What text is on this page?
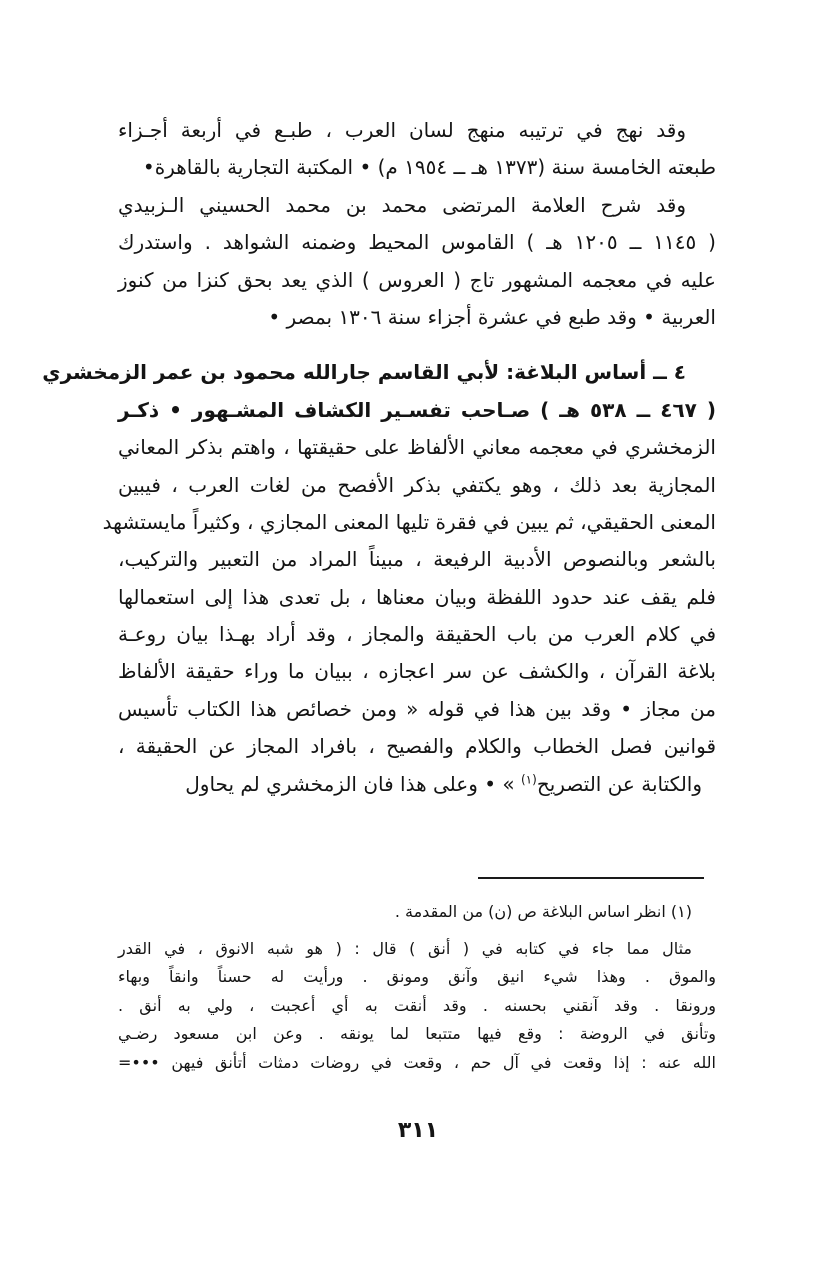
وقد نهج في ترتيبه منهج لسان العرب ، طبـع في أربعة أجـزاء
طبعته الخامسة سنة (١٣٧٣ هـ ــ ١٩٥٤ م) • المكتبة التجارية بالقاهرة•
وقد شرح العلامة المرتضى محمد بن محمد الحسيني الـزبيدي
( ١١٤٥ ــ ١٢٠٥ هـ ) القاموس المحيط وضمنه الشواهد . واستدرك
عليه في معجمه المشهور تاج ( العروس ) الذي يعد بحق كنزا من كنوز
العربية • وقد طبع في عشرة أجزاء سنة ١٣٠٦ بمصر •
٤ ــ أساس البلاغة: لأبي القاسم جارالله محمود بن عمر الزمخشري
( ٤٦٧ ــ ٥٣٨ هـ ) صـاحب تفسـير الكشاف المشـهور • ذكـر
الزمخشري في معجمه معاني الألفاظ على حقيقتها ، واهتم بذكر المعاني
المجازية بعد ذلك ، وهو يكتفي بذكر الأفصح من لغات العرب ، فيبين
المعنى الحقيقي، ثم يبين في فقرة تليها المعنى المجازي ، وكثيراً مايستشهد
بالشعر وبالنصوص الأدبية الرفيعة ، مبيناً المراد من التعبير والتركيب،
فلم يقف عند حدود اللفظة وبيان معناها ، بل تعدى هذا إلى استعمالها
في كلام العرب من باب الحقيقة والمجاز ، وقد أراد بهـذا بيان روعـة
بلاغة القرآن ، والكشف عن سر اعجازه ، ببيان ما وراء حقيقة الألفاظ
من مجاز • وقد بين هذا في قوله « ومن خصائص هذا الكتاب تأسيس
قوانين فصل الخطاب والكلام والفصيح ، بافراد المجاز عن الحقيقة ،
والكتابة عن التصريح$^{(١)}$ » • وعلى هذا فان الزمخشري لم يحاول
(١) انظر اساس البلاغة ص (ن) من المقدمة .
مثال مما جاء في كتابه في ( أنق ) قال : ( هو شبه الانوق ، في القدر
والموق . وهذا شيء انيق وآنق ومونق . ورأيت له حسناً وانقاً وبهاء
ورونقا . وقد آنقني بحسنه . وقد أنقت به أي أعجبت ، ولي به أنق .
وتأنق في الروضة : وقع فيها متتبعا لما يونقه . وعن ابن مسعود رضـي
الله عنه : إذا وقعت في آل حم ، وقعت في روضات دمثات أتأنق فيهن •••=
٣١١
